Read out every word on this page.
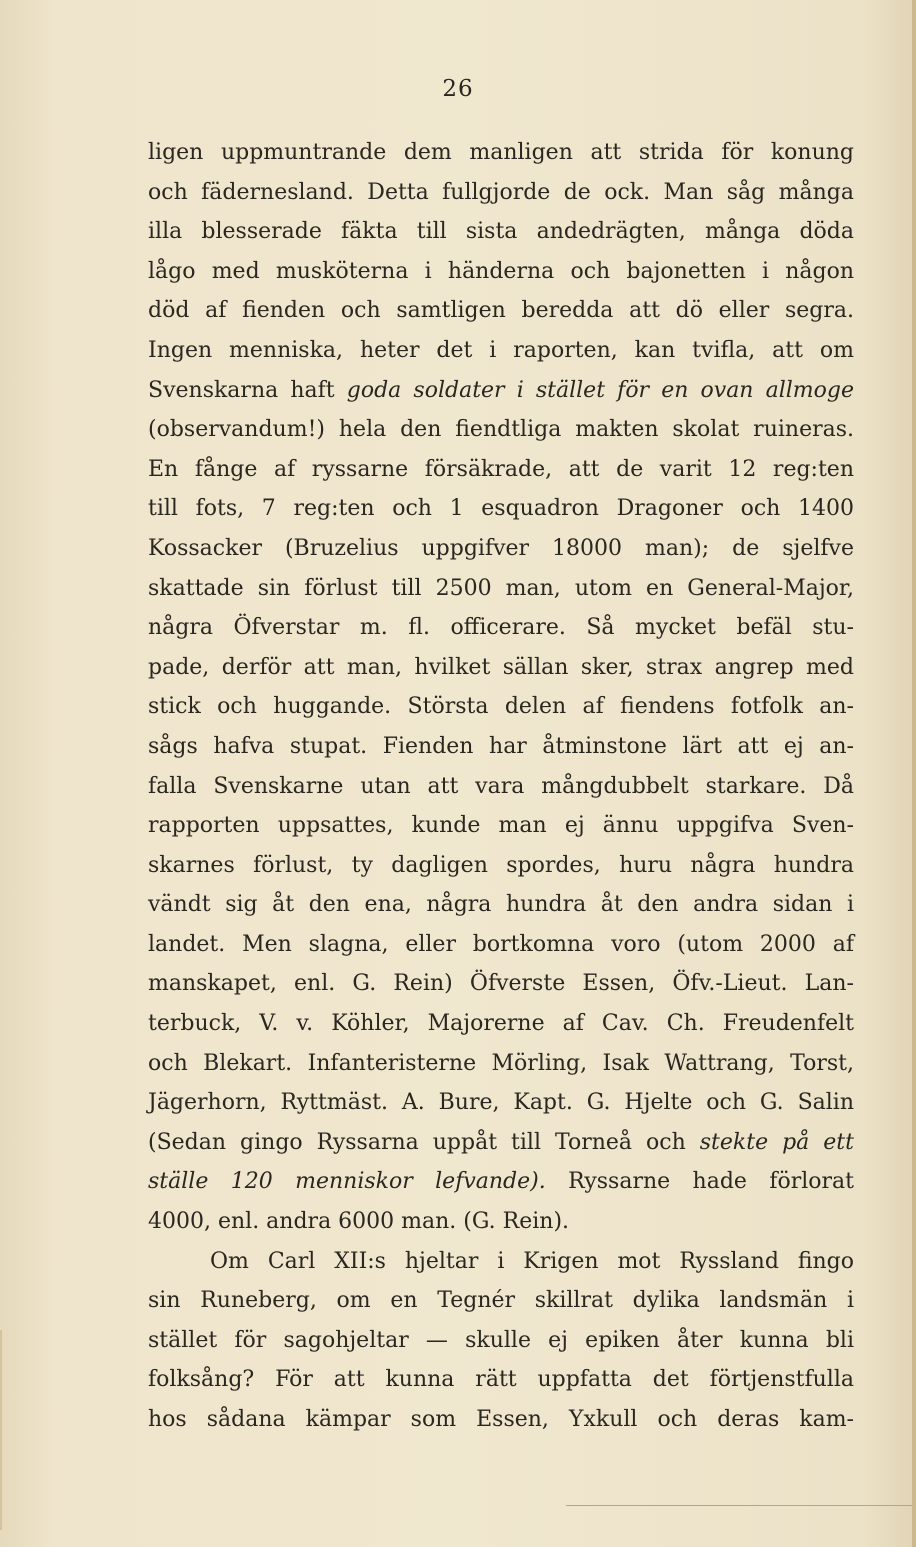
26
ligen uppmuntrande dem manligen att strida för konung
och fäderneslаnd. Detta fullgjorde de ock. Man såg många
illa blesserade fäkta till sista andedrägten, många döda
lågo med musköterna i händerna och bajonetten i någon
död af fienden och samtligen beredda att dö eller segra.
Ingen menniska, heter det i raporten, kan tvifla, att om
Svenskarna haft goda soldater i stället för en ovan allmoge
(observandum!) hela den fiendtliga makten skolat ruineras.
En fånge af ryssarne försäkrade, att de varit 12 reg:ten
till fots, 7 reg:ten och 1 esquadron Dragoner och 1400
Kossacker (Bruzelius uppgifver 18000 man); de sjelfve
skattade sin förlust till 2500 man, utom en General-Major,
några Öfverstar m. fl. officerare. Så mycket befäl stu-
pade, derför att man, hvilket sällan sker, strax angrep med
stick och huggande. Största delen af fiendens fotfolk an-
sågs hafva stupat. Fienden har åtminstone lärt att ej an-
falla Svenskarne utan att vara mångdubbelt starkare. Då
rapporten uppsattes, kunde man ej ännu uppgifva Sven-
skarnes förlust, ty dagligen spordes, huru några hundra
vändt sig åt den ena, några hundra åt den andra sidan i
landet. Men slagna, eller bortkomna voro (utom 2000 af
manskapet, enl. G. Rein) Öfverste Essen, Öfv.-Lieut. Lan-
terbuck, V. v. Köhler, Majorerne af Cav. Ch. Freudenfelt
och Blekart. Infanteristerne Mörling, Isak Wattrang, Torst,
Jägerhorn, Ryttmäst. A. Bure, Kapt. G. Hjelte och G. Salin
(Sedan gingo Ryssarna uppåt till Torneå och stekte på ett
ställe 120 menniskor lefvande). Ryssarne hade förlorat
4000, enl. andra 6000 man. (G. Rein).
Om Carl XII:s hjeltar i Krigen mot Ryssland fingo
sin Runeberg, om en Tegnér skillrat dylika landsmän i
stället för sagohjeltar — skulle ej epiken åter kunna bli
folksång? För att kunna rätt uppfatta det förtjenstfulla
hos sådana kämpar som Essen, Yxkull och deras kam-
